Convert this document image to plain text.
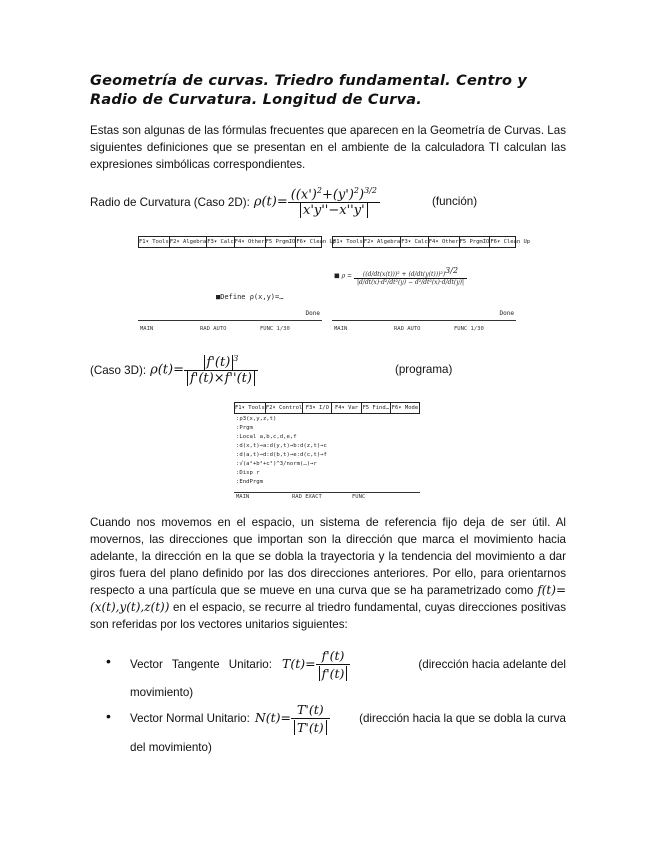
Geometría de curvas. Triedro fundamental. Centro y Radio de Curvatura. Longitud de Curva.

Estas son algunas de las fórmulas frecuentes que aparecen en la Geometría de Curvas. Las siguientes definiciones que se presentan en el ambiente de la calculadora TI calculan las expresiones simbólicas correspondientes.

Radio de Curvatura (Caso 2D): $\rho(t)= \frac{((x')^2+(y')^2)^{3/2}}{x'y''-x''y'}$	(función)
F1▾ Tools F2▾ Algebra F3▾ Calc F4▾ Other F5 PrgmIO F6▾ Clean Up
■Define ρ(x,y)=…
Done
MAIN	RAD AUTO	FUNC 1/30
F1▾ Tools F2▾ Algebra F3▾ Calc F4▾ Other F5 PrgmIO F6▾ Clean Up
■ $\rho = \frac{((d/dt(x(t)))^2 + (d/dt(y(t)))^2)^{3/2}}{\text{|d/dt(x)·d²/dt²(y) − d²/dt²(x)·d/dt(y)|}}$
Done
MAIN	RAD AUTO	FUNC 1/30
(Caso 3D): $\rho(t)= \frac{f'(t) ^3}{f'(t)\times f''(t)}$	(programa)
F1▾ Tools F2▾ Control F3▾ I/O	F4▾ Var F5 Find… F6▾ Mode
:ρ3(x,y,z,t)
:Prgm
:Local a,b,c,d,e,f
:d(x,t)→a:d(y,t)→b:d(z,t)→c
:d(a,t)→d:d(b,t)→e:d(c,t)→f
:√(a²+b²+c²)^3/norm(…)→r
:Disp r
:EndPrgm
MAIN	RAD EXACT	FUNC

Cuando nos movemos en el espacio, un sistema de referencia fijo deja de ser útil. Al movernos, las direcciones que importan son la dirección que marca el movimiento hacia adelante, la dirección en la que se dobla la trayectoria y la tendencia del movimiento a dar giros fuera del plano definido por las dos direcciones anteriores. Por ello, para orientarnos respecto a una partícula que se mueve en una curva que se ha parametrizado como f(t)=(x(t),y(t),z(t)) en el espacio, se recurre al triedro fundamental, cuyas direcciones positivas son referidas por los vectores unitarios siguientes:

• Vector Tangente Unitario: $T(t)= \frac{f'(t)}{f'(t)}$	(dirección hacia adelante del
movimiento)
• Vector Normal Unitario: $N(t)= \frac{T'(t)}{T'(t)}$	(dirección hacia la que se dobla la curva
del movimiento)
